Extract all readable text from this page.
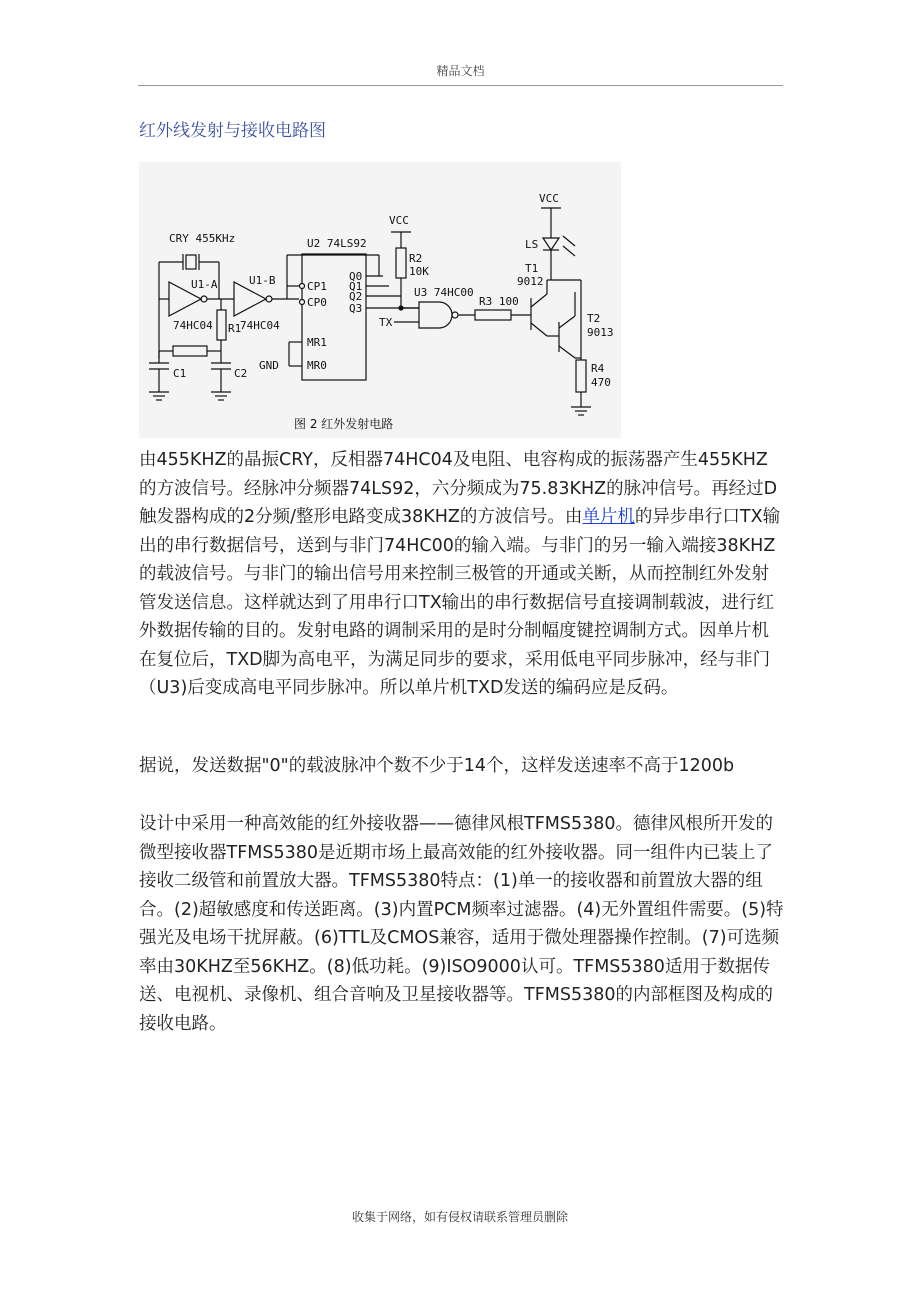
精品文档
红外线发射与接收电路图
CRY 455KHz
U1-A	U1-B
74HC04 74HC04
R1
C1	C2
U2 74LS92
CP1
CP0
MR1
MR0
GND
Q0
Q1
Q2
Q3
VCC
R2
10K
U3 74HC00
TX
R3 100
VCC
LS
T1
9012
T2
9013
R4
470
图 2 红外发射电路

由455KHZ的晶振CRY，反相器74HC04及电阻、电容构成的振荡器产生455KHZ的方波信号。经脉冲分频器74LS92，六分频成为75.83KHZ的脉冲信号。再经过D触发器构成的2分频/整形电路变成38KHZ的方波信号。由单片机的异步串行口TX输出的串行数据信号，送到与非门74HC00的输入端。与非门的另一输入端接38KHZ的载波信号。与非门的输出信号用来控制三极管的开通或关断，从而控制红外发射管发送信息。这样就达到了用串行口TX输出的串行数据信号直接调制载波，进行红外数据传输的目的。发射电路的调制采用的是时分制幅度键控调制方式。因单片机在复位后，TXD脚为高电平，为满足同步的要求，采用低电平同步脉冲，经与非门（U3)后变成高电平同步脉冲。所以单片机TXD发送的编码应是反码。

据说，发送数据"0"的载波脉冲个数不少于14个，这样发送速率不高于1200b

设计中采用一种高效能的红外接收器——德律风根TFMS5380。德律风根所开发的微型接收器TFMS5380是近期市场上最高效能的红外接收器。同一组件内已装上了接收二级管和前置放大器。TFMS5380特点：(1)单一的接收器和前置放大器的组合。(2)超敏感度和传送距离。(3)内置PCM频率过滤器。(4)无外置组件需要。(5)特强光及电场干扰屏蔽。(6)TTL及CMOS兼容，适用于微处理器操作控制。(7)可选频率由30KHZ至56KHZ。(8)低功耗。(9)ISO9000认可。TFMS5380适用于数据传送、电视机、录像机、组合音响及卫星接收器等。TFMS5380的内部框图及构成的接收电路。

收集于网络，如有侵权请联系管理员删除
